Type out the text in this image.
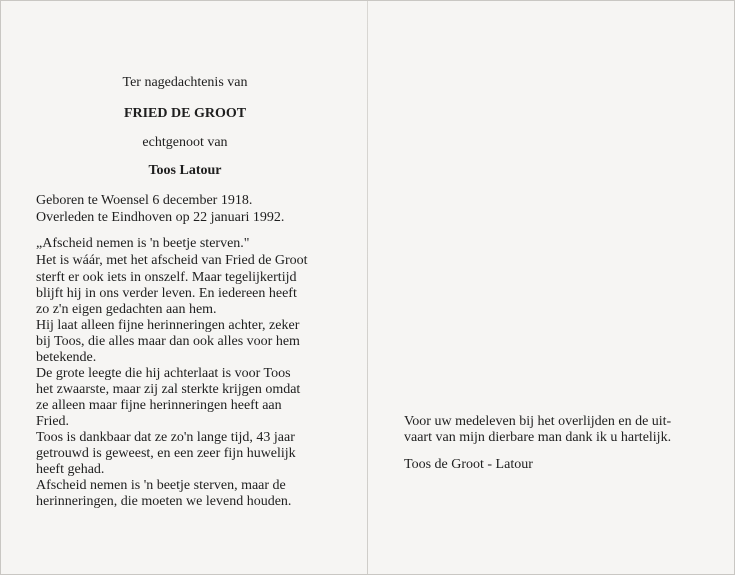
Ter nagedachtenis van
FRIED DE GROOT
echtgenoot van
Toos Latour
Geboren te Woensel 6 december 1918.
Overleden te Eindhoven op 22 januari 1992.
„Afscheid nemen is 'n beetje sterven."
Het is wáár, met het afscheid van Fried de Groot
sterft er ook iets in onszelf. Maar tegelijkertijd
blijft hij in ons verder leven. En iedereen heeft
zo z'n eigen gedachten aan hem.
Hij laat alleen fijne herinneringen achter, zeker
bij Toos, die alles maar dan ook alles voor hem
betekende.
De grote leegte die hij achterlaat is voor Toos
het zwaarste, maar zij zal sterkte krijgen omdat
ze alleen maar fijne herinneringen heeft aan
Fried.
Toos is dankbaar dat ze zo'n lange tijd, 43 jaar
getrouwd is geweest, en een zeer fijn huwelijk
heeft gehad.
Afscheid nemen is 'n beetje sterven, maar de
herinneringen, die moeten we levend houden.
Voor uw medeleven bij het overlijden en de uit-
vaart van mijn dierbare man dank ik u hartelijk.
Toos de Groot - Latour
